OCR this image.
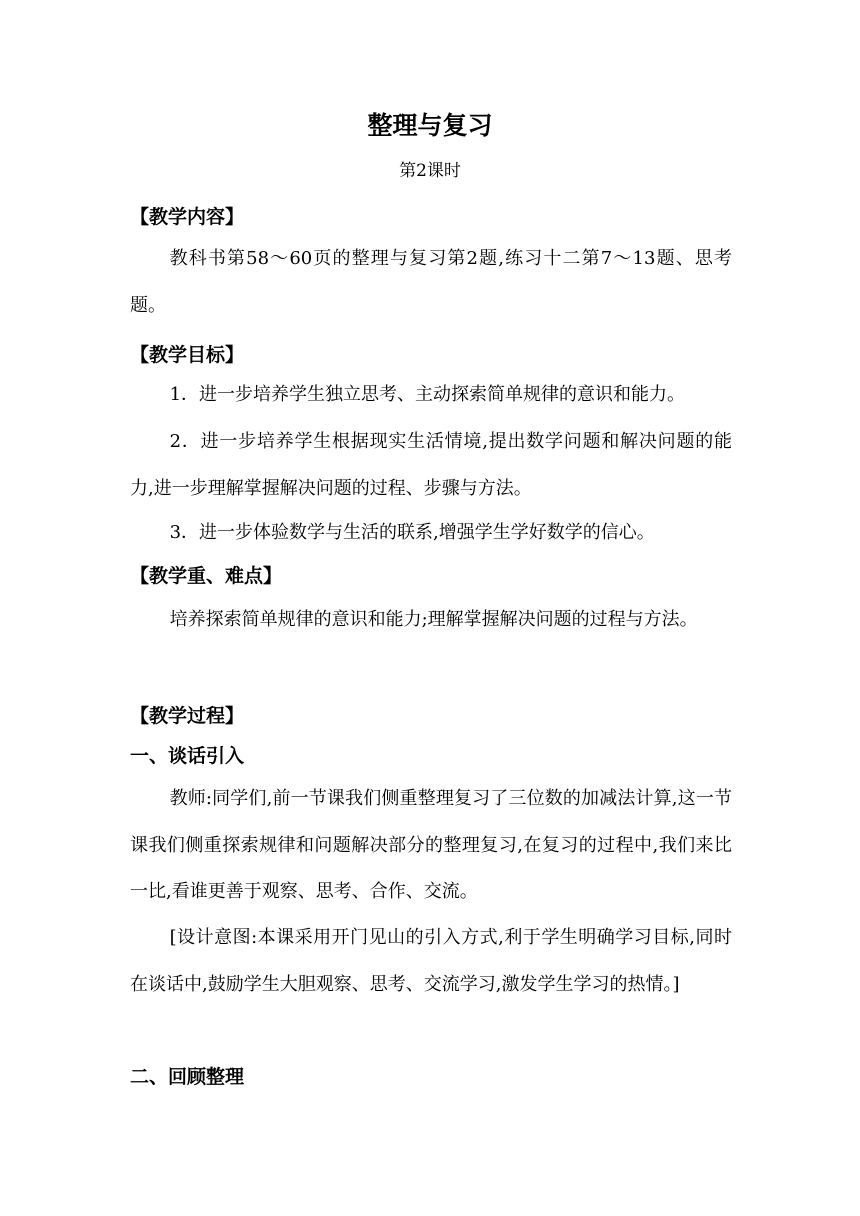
整理与复习
第2课时
【教学内容】

教科书第58～60页的整理与复习第2题,练习十二第7～13题、思考题。

【教学目标】

1．进一步培养学生独立思考、主动探索简单规律的意识和能力。

2．进一步培养学生根据现实生活情境,提出数学问题和解决问题的能力,进一步理解掌握解决问题的过程、步骤与方法。

3．进一步体验数学与生活的联系,增强学生学好数学的信心。

【教学重、难点】

培养探索简单规律的意识和能力;理解掌握解决问题的过程与方法。

【教学过程】
一、谈话引入

教师:同学们,前一节课我们侧重整理复习了三位数的加减法计算,这一节课我们侧重探索规律和问题解决部分的整理复习,在复习的过程中,我们来比一比,看谁更善于观察、思考、合作、交流。

[设计意图:本课采用开门见山的引入方式,利于学生明确学习目标,同时在谈话中,鼓励学生大胆观察、思考、交流学习,激发学生学习的热情。]

二、回顾整理
